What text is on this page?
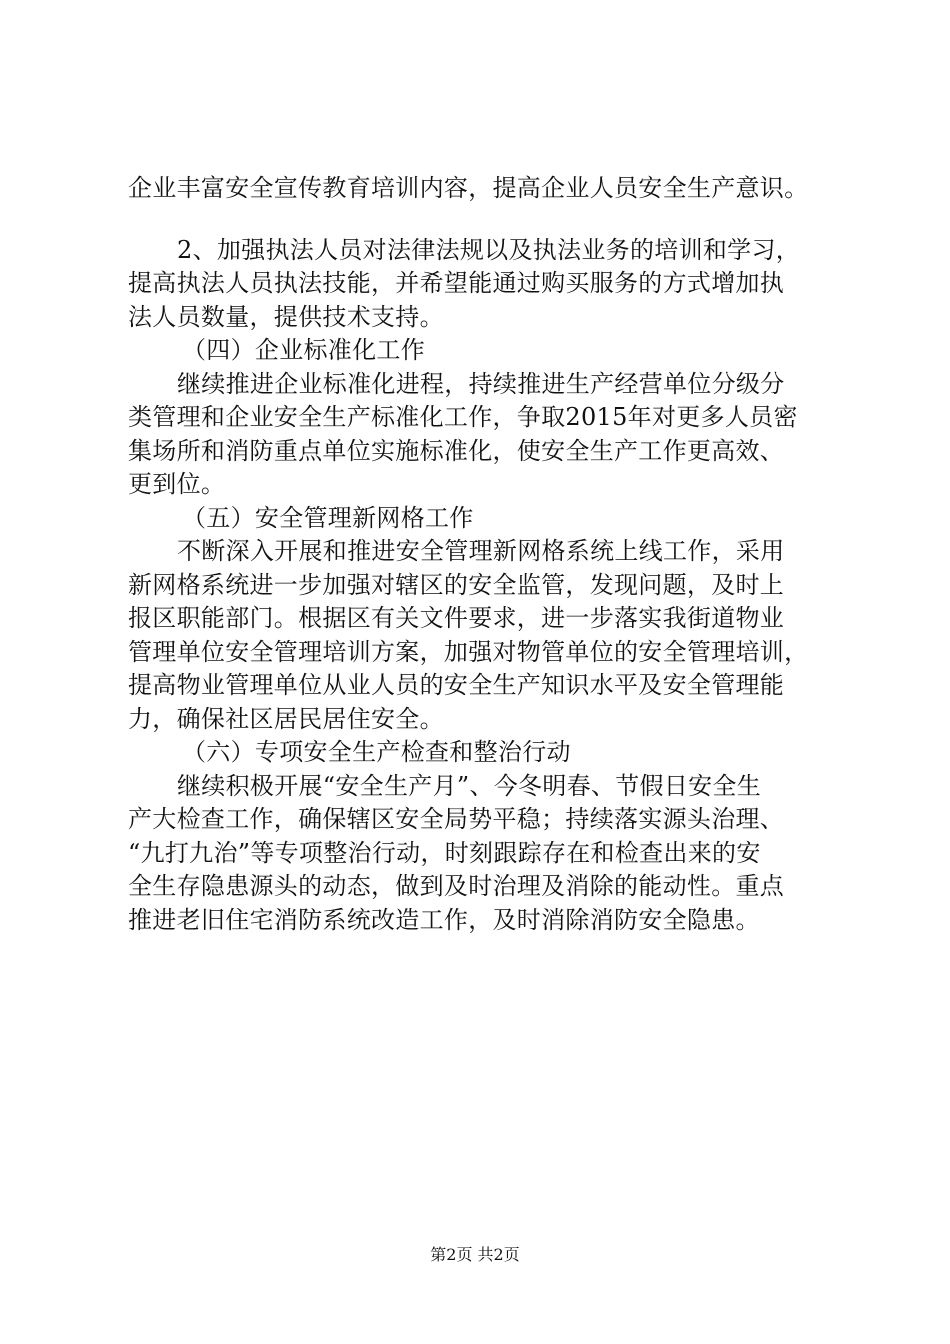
企业丰富安全宣传教育培训内容，提高企业人员安全生产意识。
2、加强执法人员对法律法规以及执法业务的培训和学习，
提高执法人员执法技能，并希望能通过购买服务的方式增加执
法人员数量，提供技术支持。
（四）企业标准化工作
继续推进企业标准化进程，持续推进生产经营单位分级分
类管理和企业安全生产标准化工作，争取2015年对更多人员密
集场所和消防重点单位实施标准化，使安全生产工作更高效、
更到位。
（五）安全管理新网格工作
不断深入开展和推进安全管理新网格系统上线工作，采用
新网格系统进一步加强对辖区的安全监管，发现问题，及时上
报区职能部门。根据区有关文件要求，进一步落实我街道物业
管理单位安全管理培训方案，加强对物管单位的安全管理培训，
提高物业管理单位从业人员的安全生产知识水平及安全管理能
力，确保社区居民居住安全。
（六）专项安全生产检查和整治行动
继续积极开展“安全生产月”、今冬明春、节假日安全生
产大检查工作，确保辖区安全局势平稳；持续落实源头治理、
“九打九治”等专项整治行动，时刻跟踪存在和检查出来的安
全生存隐患源头的动态，做到及时治理及消除的能动性。重点
推进老旧住宅消防系统改造工作，及时消除消防安全隐患。
第2页 共2页
